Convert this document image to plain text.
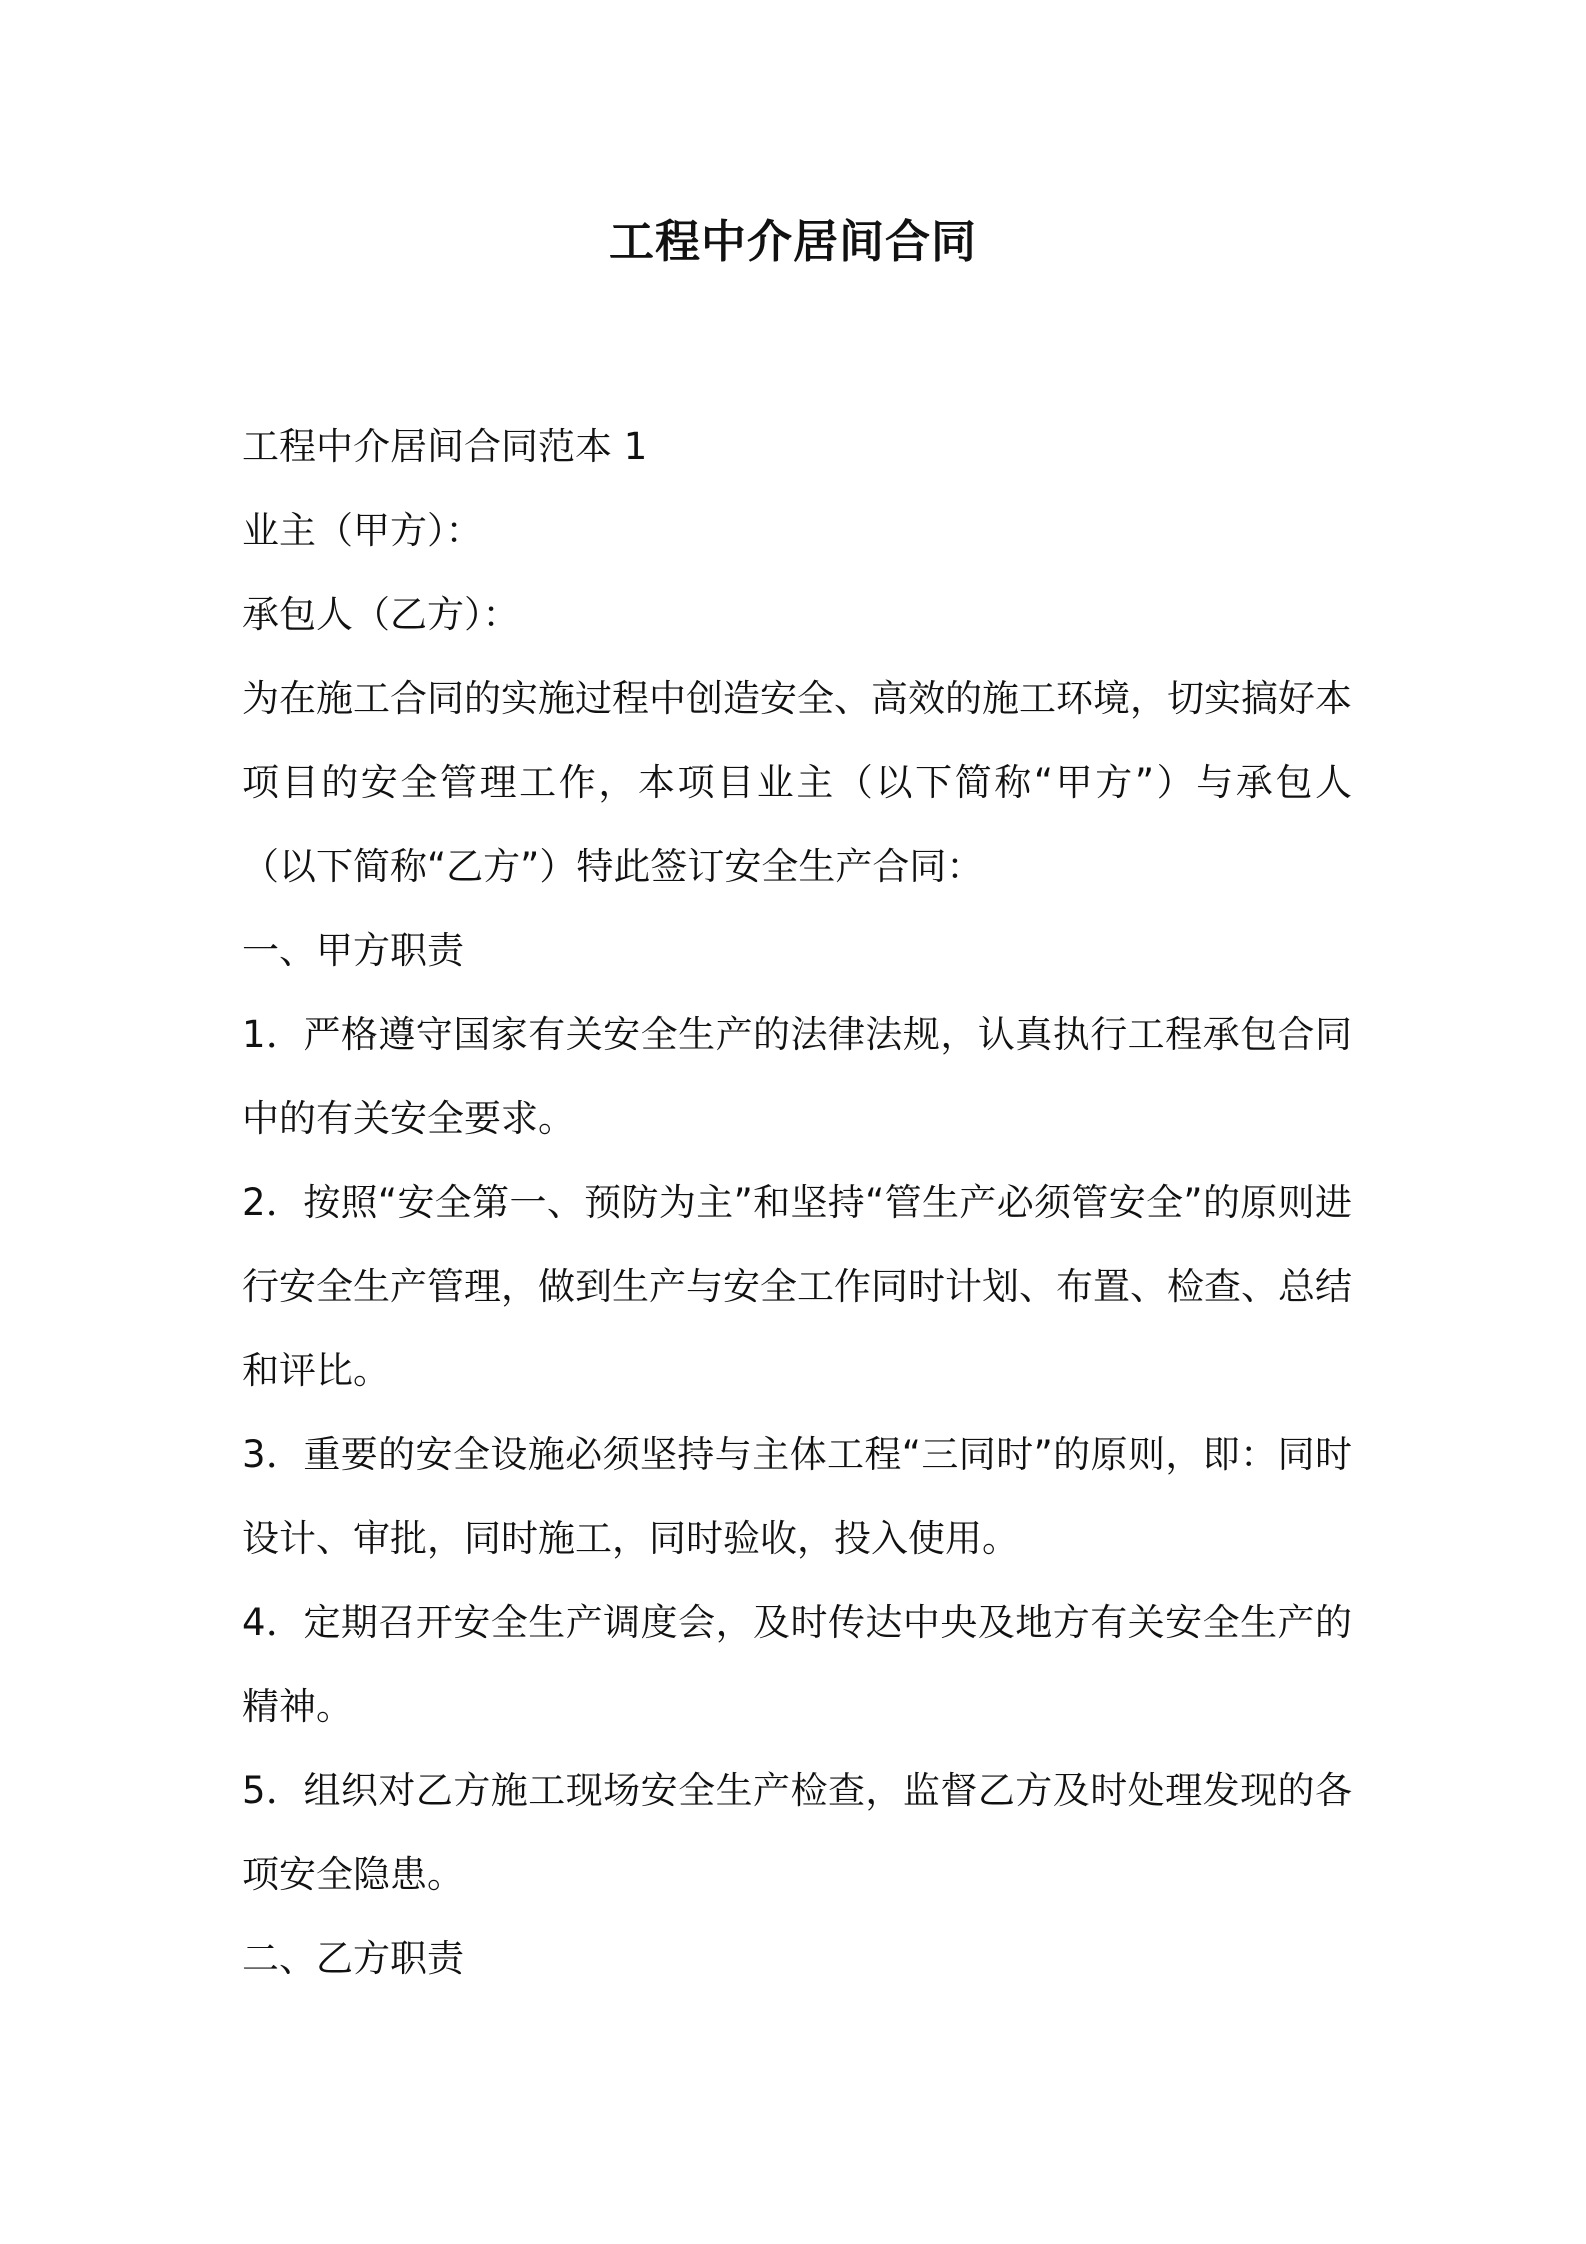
工程中介居间合同

工程中介居间合同范本 1

业主（甲方）：

承包人（乙方）：

为在施工合同的实施过程中创造安全、高效的施工环境，切实搞好本项目的安全管理工作，本项目业主（以下简称“甲方”）与承包人（以下简称“乙方”）特此签订安全生产合同：

一、甲方职责

1．严格遵守国家有关安全生产的法律法规，认真执行工程承包合同中的有关安全要求。

2．按照“安全第一、预防为主”和坚持“管生产必须管安全”的原则进行安全生产管理，做到生产与安全工作同时计划、布置、检查、总结和评比。

3．重要的安全设施必须坚持与主体工程“三同时”的原则，即：同时设计、审批，同时施工，同时验收，投入使用。

4．定期召开安全生产调度会，及时传达中央及地方有关安全生产的精神。

5．组织对乙方施工现场安全生产检查，监督乙方及时处理发现的各项安全隐患。

二、乙方职责
